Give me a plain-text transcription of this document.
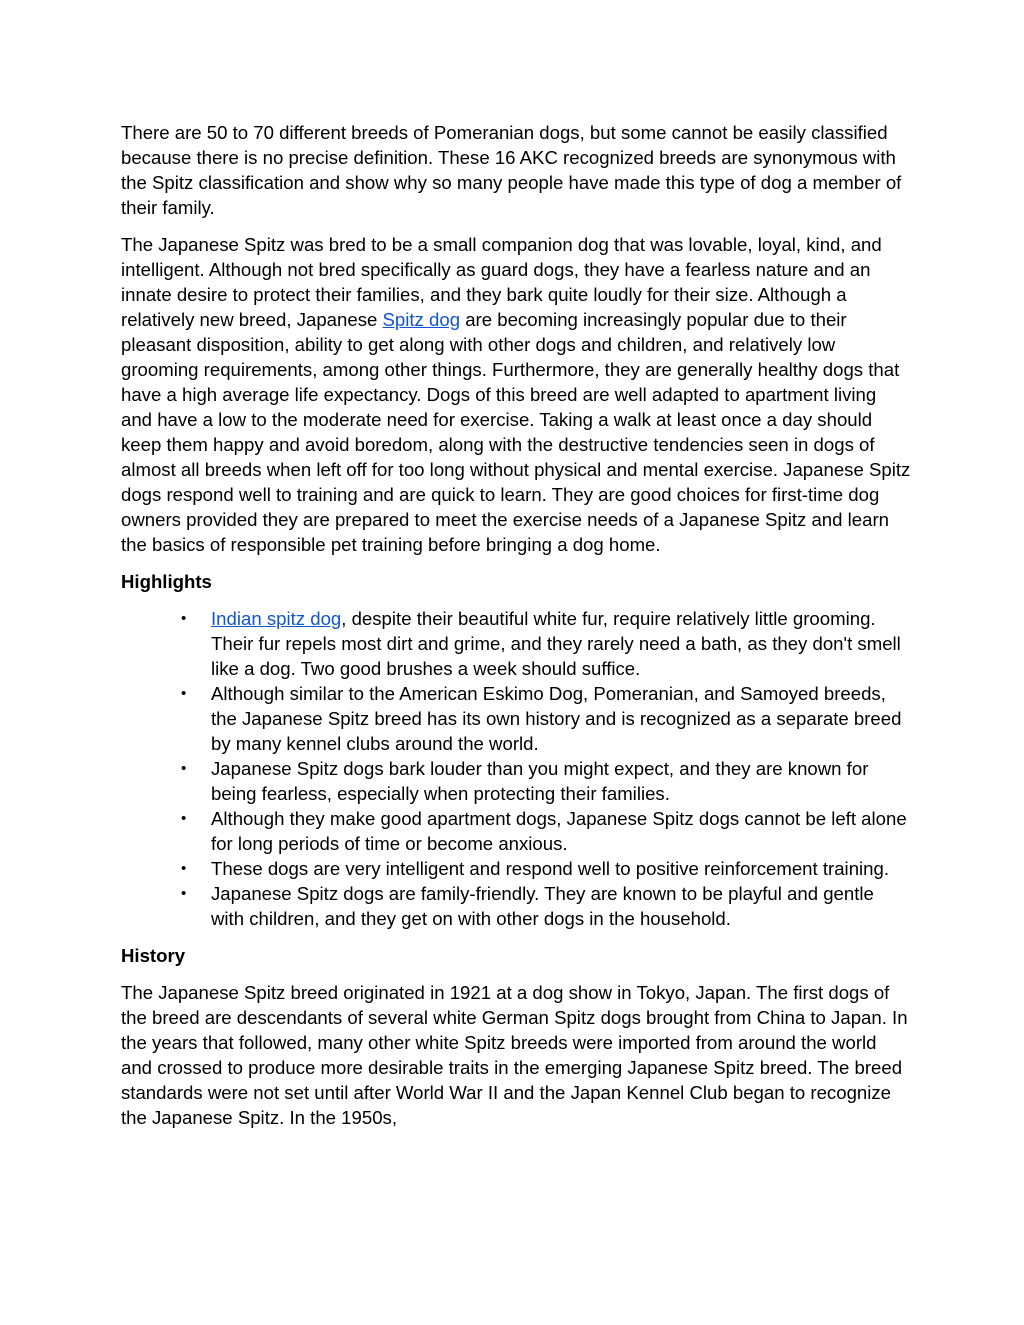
There are 50 to 70 different breeds of Pomeranian dogs, but some cannot be easily classified because there is no precise definition. These 16 AKC recognized breeds are synonymous with the Spitz classification and show why so many people have made this type of dog a member of their family.

The Japanese Spitz was bred to be a small companion dog that was lovable, loyal, kind, and intelligent. Although not bred specifically as guard dogs, they have a fearless nature and an innate desire to protect their families, and they bark quite loudly for their size. Although a relatively new breed, Japanese Spitz dog are becoming increasingly popular due to their pleasant disposition, ability to get along with other dogs and children, and relatively low grooming requirements, among other things. Furthermore, they are generally healthy dogs that have a high average life expectancy. Dogs of this breed are well adapted to apartment living and have a low to the moderate need for exercise. Taking a walk at least once a day should keep them happy and avoid boredom, along with the destructive tendencies seen in dogs of almost all breeds when left off for too long without physical and mental exercise. Japanese Spitz dogs respond well to training and are quick to learn. They are good choices for first-time dog owners provided they are prepared to meet the exercise needs of a Japanese Spitz and learn the basics of responsible pet training before bringing a dog home.

Highlights
• Indian spitz dog, despite their beautiful white fur, require relatively little grooming. Their fur repels most dirt and grime, and they rarely need a bath, as they don't smell like a dog. Two good brushes a week should suffice.
• Although similar to the American Eskimo Dog, Pomeranian, and Samoyed breeds, the Japanese Spitz breed has its own history and is recognized as a separate breed by many kennel clubs around the world.
• Japanese Spitz dogs bark louder than you might expect, and they are known for being fearless, especially when protecting their families.
• Although they make good apartment dogs, Japanese Spitz dogs cannot be left alone for long periods of time or become anxious.
• These dogs are very intelligent and respond well to positive reinforcement training.
• Japanese Spitz dogs are family-friendly. They are known to be playful and gentle with children, and they get on with other dogs in the household.
History

The Japanese Spitz breed originated in 1921 at a dog show in Tokyo, Japan. The first dogs of the breed are descendants of several white German Spitz dogs brought from China to Japan. In the years that followed, many other white Spitz breeds were imported from around the world and crossed to produce more desirable traits in the emerging Japanese Spitz breed. The breed standards were not set until after World War II and the Japan Kennel Club began to recognize the Japanese Spitz. In the 1950s,
